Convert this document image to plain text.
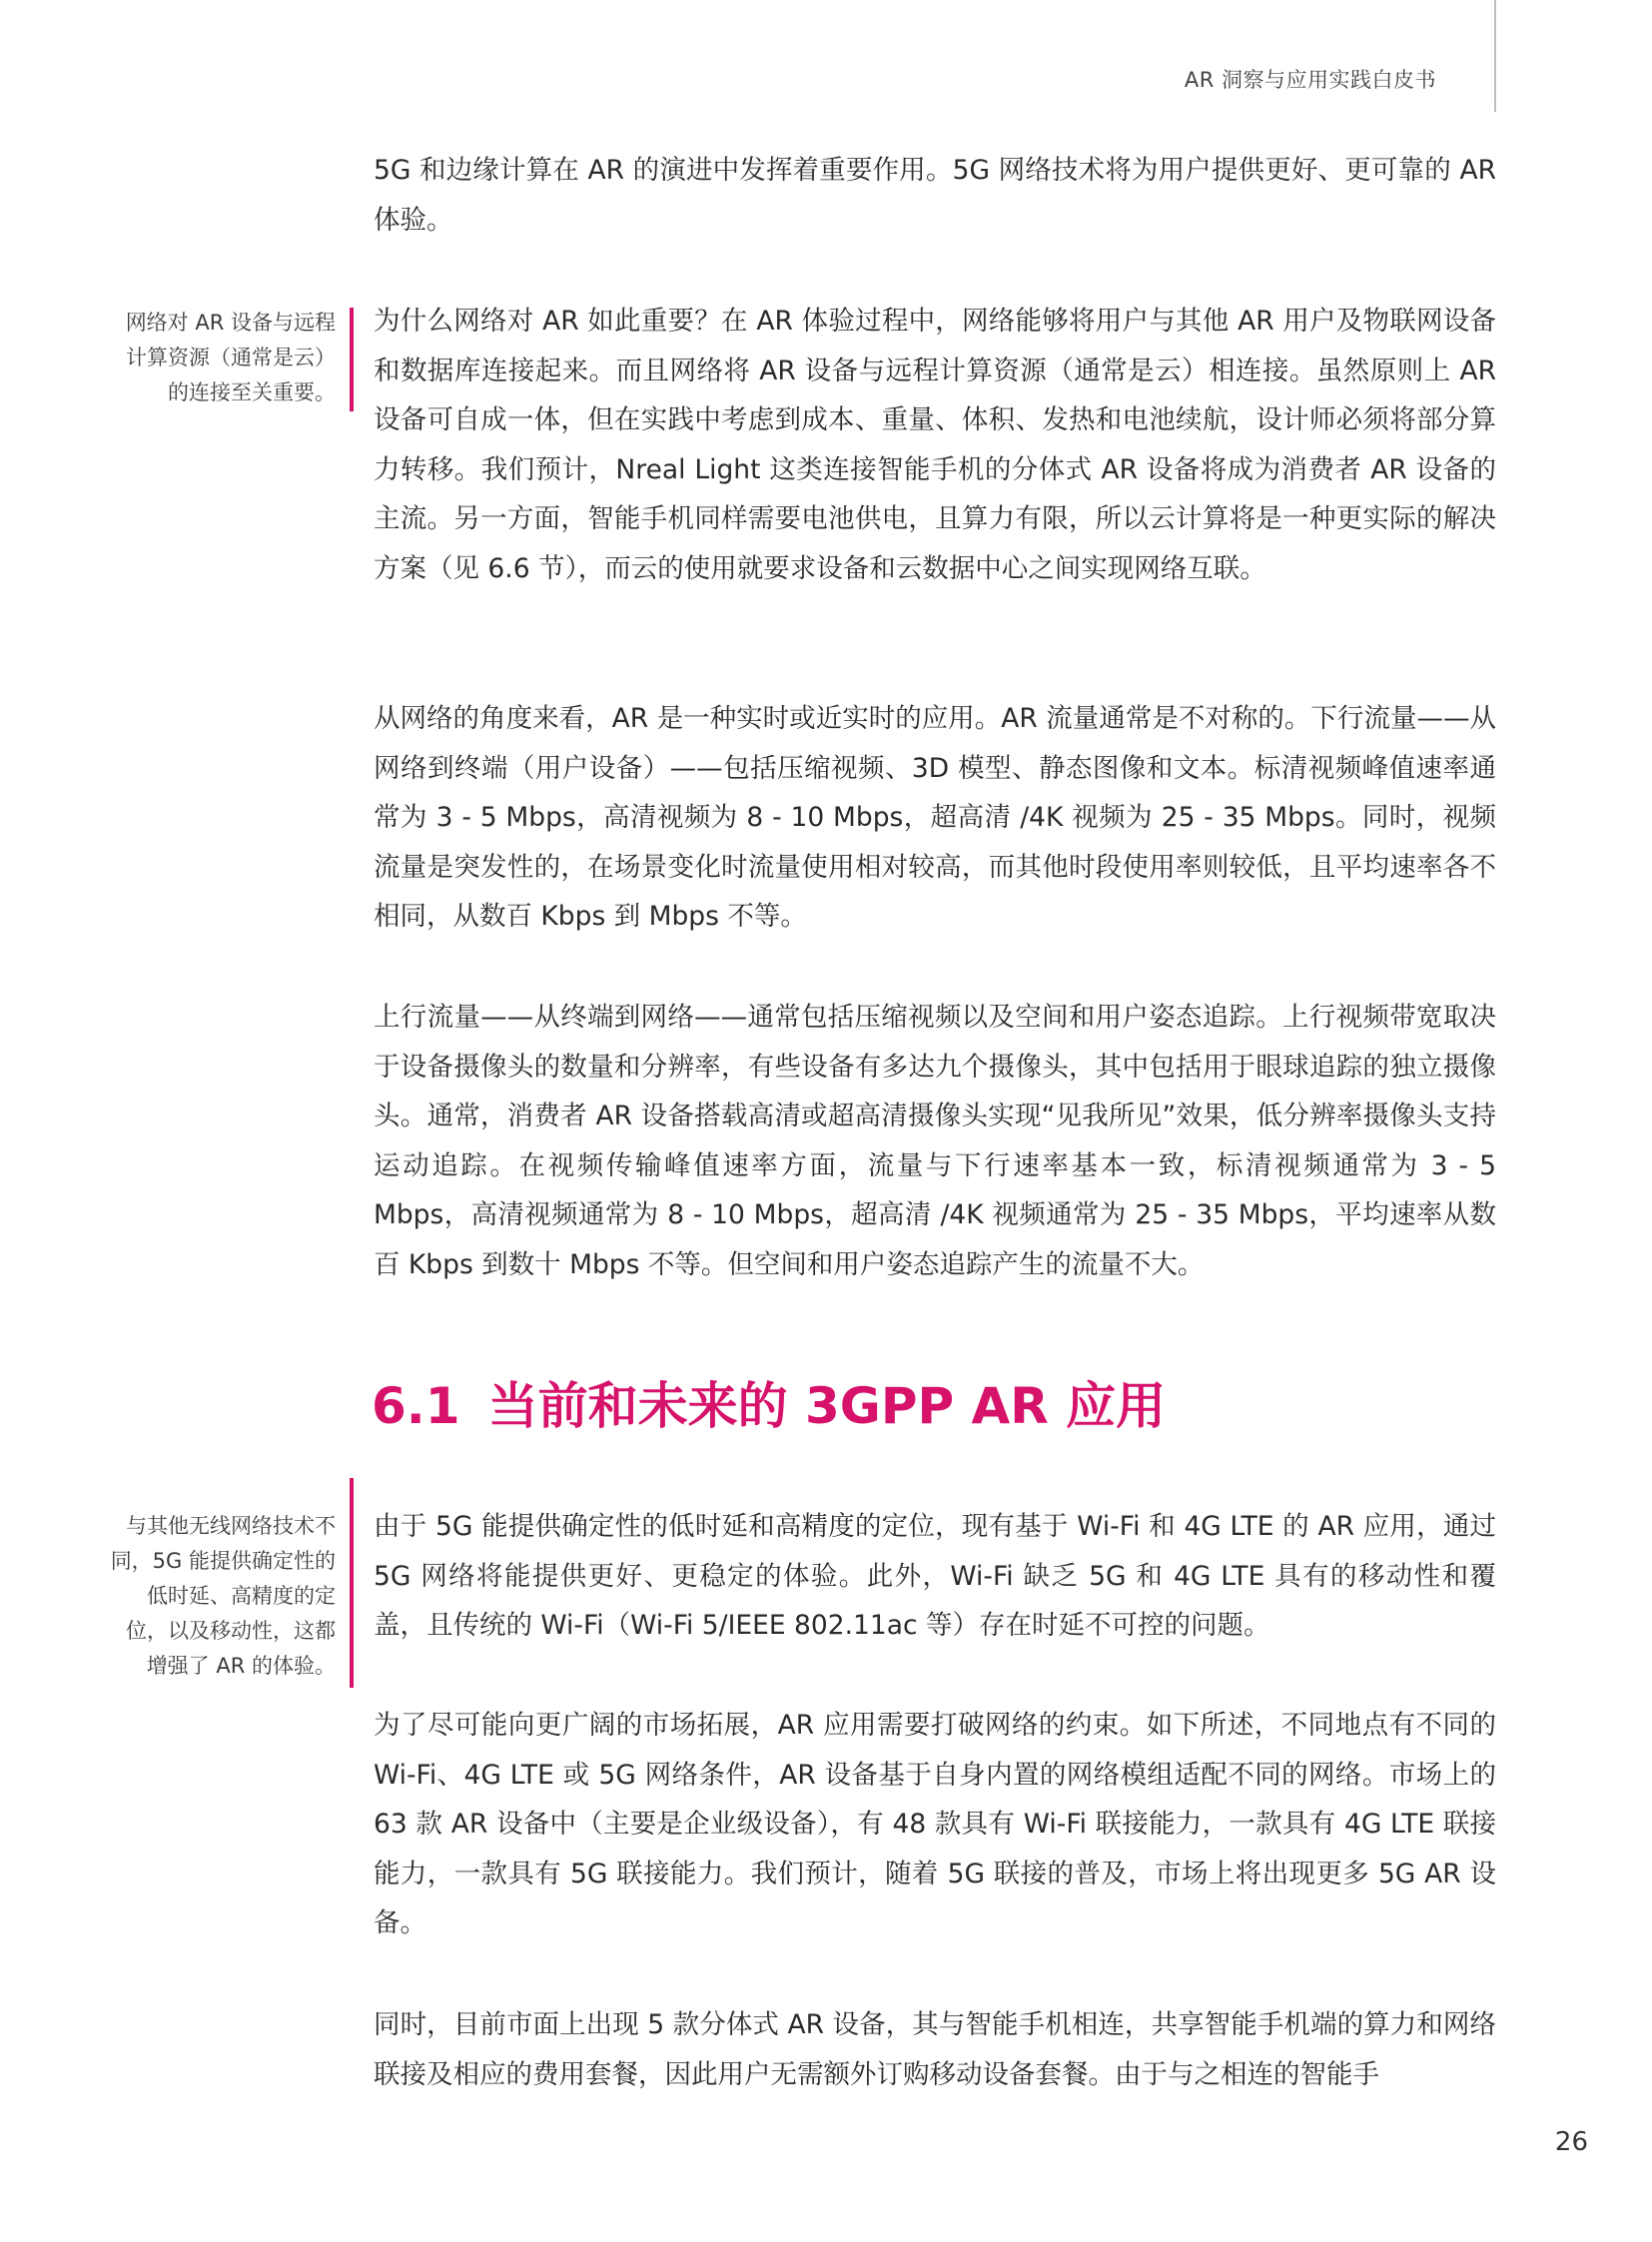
AR 洞察与应用实践白皮书

5G 和边缘计算在 AR 的演进中发挥着重要作用。5G 网络技术将为用户提供更好、更可靠的 AR 体验。

网络对 AR 设备与远程计算资源（通常是云）的连接至关重要。

为什么网络对 AR 如此重要？在 AR 体验过程中，网络能够将用户与其他 AR 用户及物联网设备和数据库连接起来。而且网络将 AR 设备与远程计算资源（通常是云）相连接。虽然原则上 AR 设备可自成一体，但在实践中考虑到成本、重量、体积、发热和电池续航，设计师必须将部分算力转移。我们预计，Nreal Light 这类连接智能手机的分体式 AR 设备将成为消费者 AR 设备的主流。另一方面，智能手机同样需要电池供电，且算力有限，所以云计算将是一种更实际的解决方案（见 6.6 节），而云的使用就要求设备和云数据中心之间实现网络互联。

从网络的角度来看，AR 是一种实时或近实时的应用。AR 流量通常是不对称的。下行流量——从网络到终端（用户设备）——包括压缩视频、3D 模型、静态图像和文本。标清视频峰值速率通常为 3 - 5 Mbps，高清视频为 8 - 10 Mbps，超高清 /4K 视频为 25 - 35 Mbps。同时，视频流量是突发性的，在场景变化时流量使用相对较高，而其他时段使用率则较低，且平均速率各不相同，从数百 Kbps 到 Mbps 不等。

上行流量——从终端到网络——通常包括压缩视频以及空间和用户姿态追踪。上行视频带宽取决于设备摄像头的数量和分辨率，有些设备有多达九个摄像头，其中包括用于眼球追踪的独立摄像头。通常，消费者 AR 设备搭载高清或超高清摄像头实现“见我所见”效果，低分辨率摄像头支持运动追踪。在视频传输峰值速率方面，流量与下行速率基本一致，标清视频通常为 3 - 5 Mbps，高清视频通常为 8 - 10 Mbps，超高清 /4K 视频通常为 25 - 35 Mbps，平均速率从数百 Kbps 到数十 Mbps 不等。但空间和用户姿态追踪产生的流量不大。

6.1 当前和未来的 3GPP AR 应用

与其他无线网络技术不同，5G 能提供确定性的低时延、高精度的定位，以及移动性，这都增强了 AR 的体验。

由于 5G 能提供确定性的低时延和高精度的定位，现有基于 Wi-Fi 和 4G LTE 的 AR 应用，通过 5G 网络将能提供更好、更稳定的体验。此外，Wi-Fi 缺乏 5G 和 4G LTE 具有的移动性和覆盖，且传统的 Wi-Fi（Wi-Fi 5/IEEE 802.11ac 等）存在时延不可控的问题。

为了尽可能向更广阔的市场拓展，AR 应用需要打破网络的约束。如下所述，不同地点有不同的 Wi-Fi、4G LTE 或 5G 网络条件，AR 设备基于自身内置的网络模组适配不同的网络。市场上的 63 款 AR 设备中（主要是企业级设备），有 48 款具有 Wi-Fi 联接能力，一款具有 4G LTE 联接能力，一款具有 5G 联接能力。我们预计，随着 5G 联接的普及，市场上将出现更多 5G AR 设备。

同时，目前市面上出现 5 款分体式 AR 设备，其与智能手机相连，共享智能手机端的算力和网络联接及相应的费用套餐，因此用户无需额外订购移动设备套餐。由于与之相连的智能手

26
